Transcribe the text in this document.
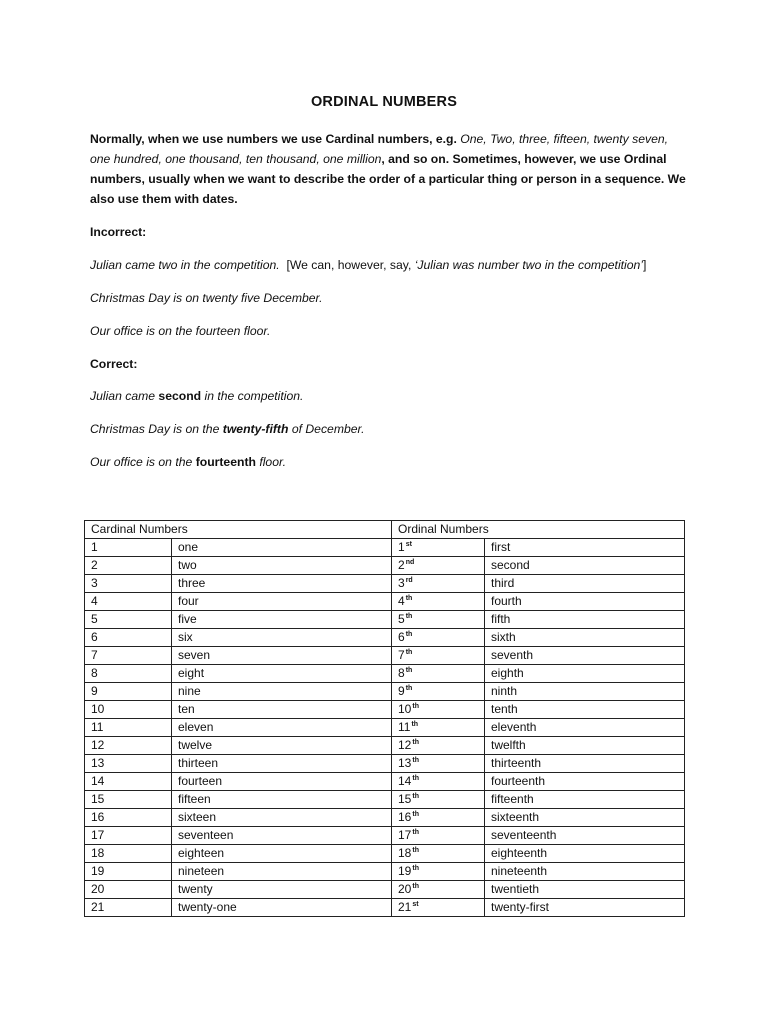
ORDINAL NUMBERS
Normally, when we use numbers we use Cardinal numbers, e.g. One, Two, three, fifteen, twenty seven, one hundred, one thousand, ten thousand, one million, and so on. Sometimes, however, we use Ordinal numbers, usually when we want to describe the order of a particular thing or person in a sequence. We also use them with dates.
Incorrect:
Julian came two in the competition.  [We can, however, say, ‘Julian was number two in the competition’]
Christmas Day is on twenty five December.
Our office is on the fourteen floor.
Correct:
Julian came second in the competition.
Christmas Day is on the twenty-fifth of December.
Our office is on the fourteenth floor.
Cardinal Numbers		Ordinal Numbers	
1	one	1st	first
2	two	2nd	second
3	three	3rd	third
4	four	4th	fourth
5	five	5th	fifth
6	six	6th	sixth
7	seven	7th	seventh
8	eight	8th	eighth
9	nine	9th	ninth
10	ten	10th	tenth
11	eleven	11th	eleventh
12	twelve	12th	twelfth
13	thirteen	13th	thirteenth
14	fourteen	14th	fourteenth
15	fifteen	15th	fifteenth
16	sixteen	16th	sixteenth
17	seventeen	17th	seventeenth
18	eighteen	18th	eighteenth
19	nineteen	19th	nineteenth
20	twenty	20th	twentieth
21	twenty-one	21st	twenty-first
